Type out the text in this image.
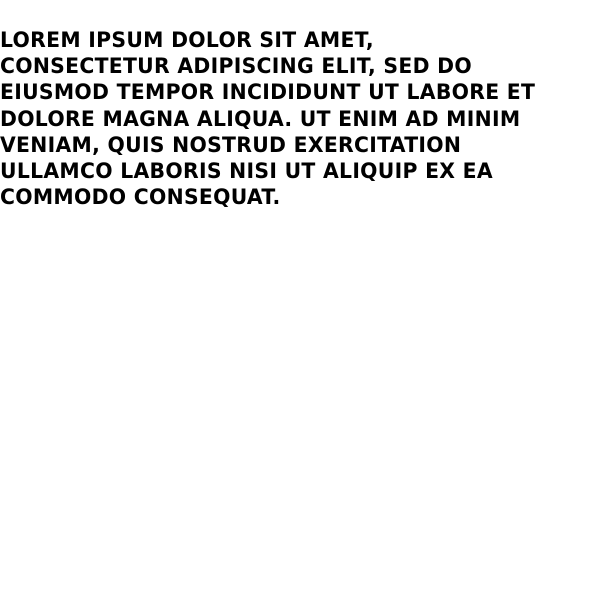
LOREM IPSUM DOLOR SIT AMET,
CONSECTETUR ADIPISCING ELIT, SED DO
EIUSMOD TEMPOR INCIDIDUNT UT LABORE ET
DOLORE MAGNA ALIQUA. UT ENIM AD MINIM
VENIAM, QUIS NOSTRUD EXERCITATION
ULLAMCO LABORIS NISI UT ALIQUIP EX EA
COMMODO CONSEQUAT.
